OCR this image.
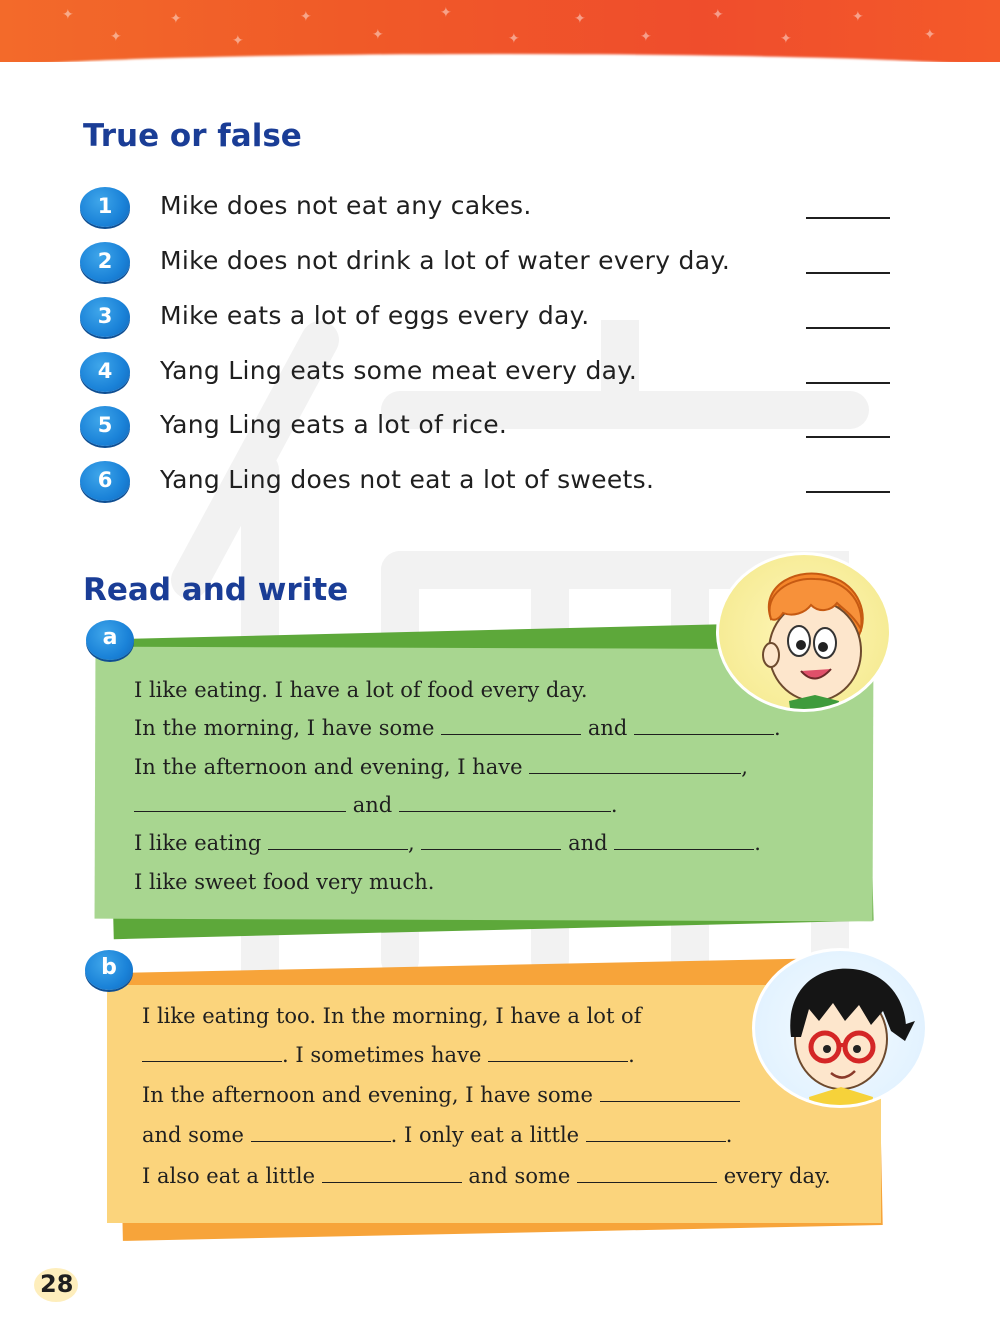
✦
✦
✦
✦
✦
✦
✦
✦
✦
✦
✦
✦
✦
✦
True or false
1	Mike does not eat any cakes.
2	Mike does not drink a lot of water every day.
3	Mike eats a lot of eggs every day.
4	Yang Ling eats some meat every day.
5	Yang Ling eats a lot of rice.
6	Yang Ling does not eat a lot of sweets.
Read and write
a
I like eating. I have a lot of food every day.
In the morning, I have some	and	.
In the afternoon and evening, I have	,
and	.
I like eating	,	and	.
I like sweet food very much.
b
I like eating too. In the morning, I have a lot of
. I sometimes have	.
In the afternoon and evening, I have some
and some	. I only eat a little	.
I also eat a little	and some	every day.
28
